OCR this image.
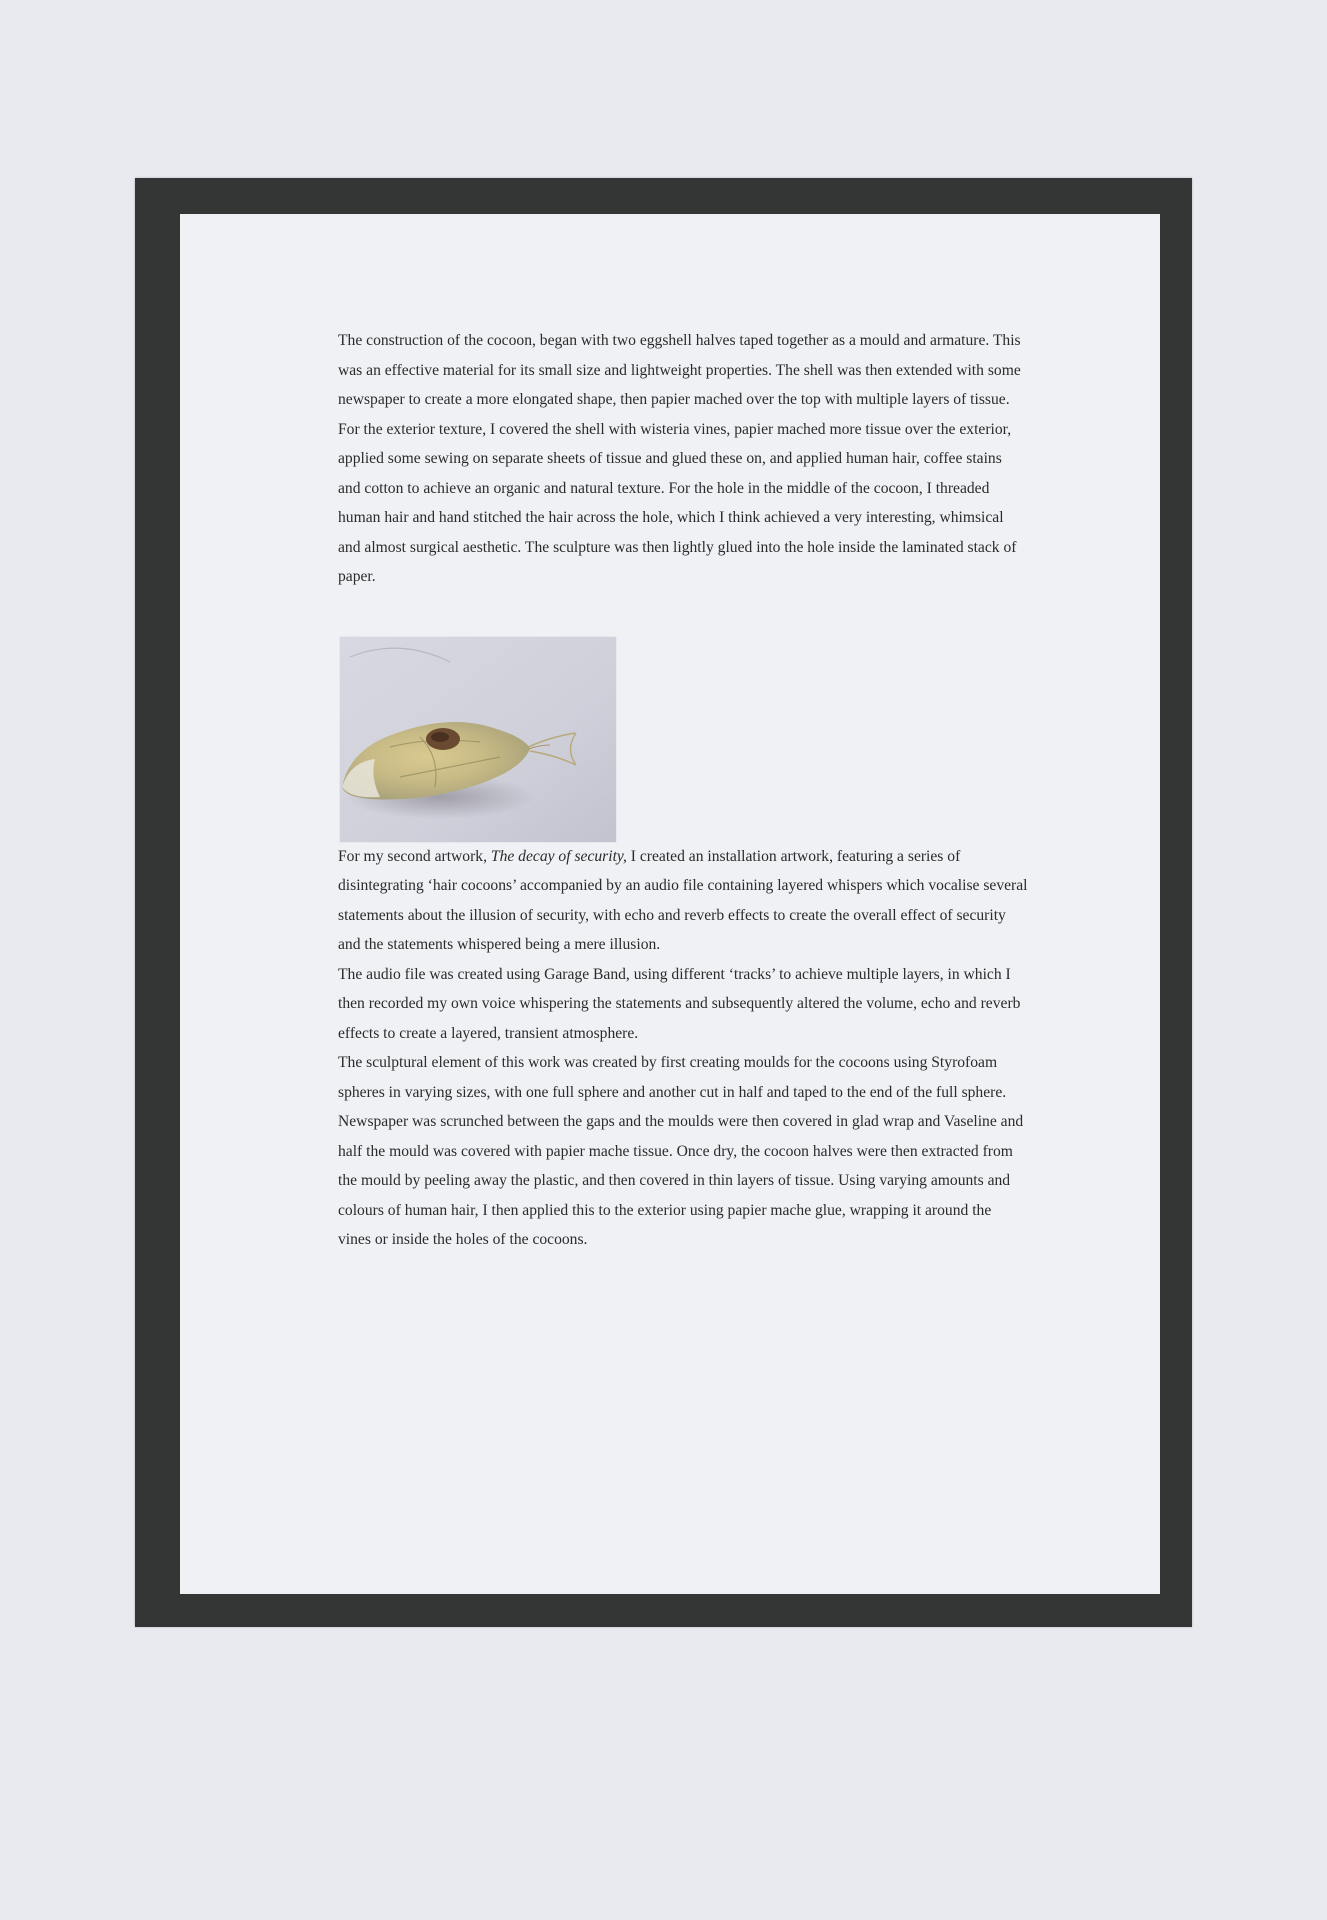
The construction of the cocoon, began with two eggshell halves taped together as a mould and armature. This was an effective material for its small size and lightweight properties. The shell was then extended with some newspaper to create a more elongated shape, then papier mached over the top with multiple layers of tissue. For the exterior texture, I covered the shell with wisteria vines, papier mached more tissue over the exterior, applied some sewing on separate sheets of tissue and glued these on, and applied human hair, coffee stains and cotton to achieve an organic and natural texture. For the hole in the middle of the cocoon, I threaded human hair and hand stitched the hair across the hole, which I think achieved a very interesting, whimsical and almost surgical aesthetic. The sculpture was then lightly glued into the hole inside the laminated stack of paper.

For my second artwork, The decay of security, I created an installation artwork, featuring a series of disintegrating ‘hair cocoons’ accompanied by an audio file containing layered whispers which vocalise several statements about the illusion of security, with echo and reverb effects to create the overall effect of security and the statements whispered being a mere illusion.

The audio file was created using Garage Band, using different ‘tracks’ to achieve multiple layers, in which I then recorded my own voice whispering the statements and subsequently altered the volume, echo and reverb effects to create a layered, transient atmosphere.

The sculptural element of this work was created by first creating moulds for the cocoons using Styrofoam spheres in varying sizes, with one full sphere and another cut in half and taped to the end of the full sphere. Newspaper was scrunched between the gaps and the moulds were then covered in glad wrap and Vaseline and half the mould was covered with papier mache tissue. Once dry, the cocoon halves were then extracted from the mould by peeling away the plastic, and then covered in thin layers of tissue. Using varying amounts and colours of human hair, I then applied this to the exterior using papier mache glue, wrapping it around the vines or inside the holes of the cocoons.
